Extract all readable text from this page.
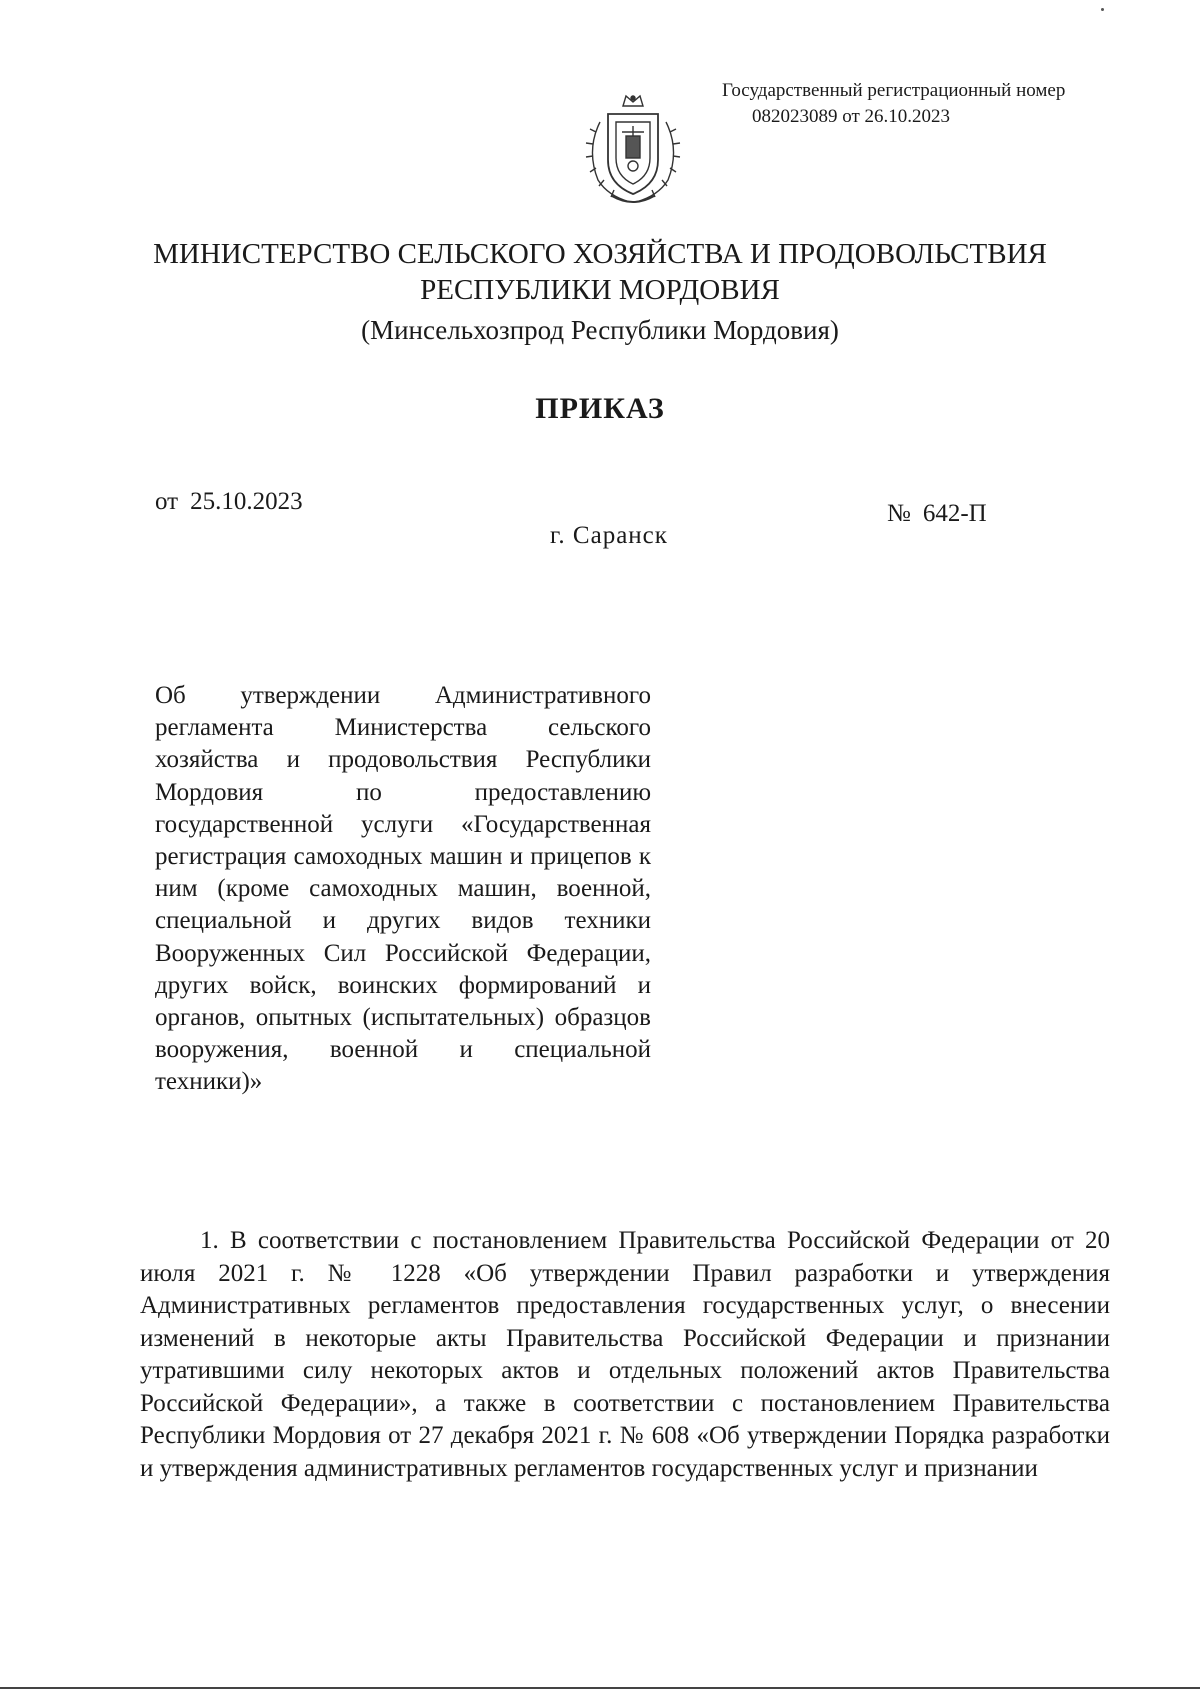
Государственный регистрационный номер
082023089 от 26.10.2023
МИНИСТЕРСТВО СЕЛЬСКОГО ХОЗЯЙСТВА И ПРОДОВОЛЬСТВИЯ
РЕСПУБЛИКИ МОРДОВИЯ
(Минсельхозпрод Республики Мордовия)
ПРИКАЗ
от 25.10.2023	№ 642-П
г. Саранск
Об утверждении Административного регламента Министерства сельского хозяйства и продовольствия Республики Мордовия по предоставлению государственной услуги «Государственная регистрация самоходных машин и прицепов к ним (кроме самоходных машин, военной, специальной и других видов техники Вооруженных Сил Российской Федерации, других войск, воинских формирований и органов, опытных (испытательных) образцов вооружения, военной и специальной техники)»
1. В соответствии с постановлением Правительства Российской Федерации от 20 июля 2021 г. № 1228 «Об утверждении Правил разработки и утверждения Административных регламентов предоставления государственных услуг, о внесении изменений в некоторые акты Правительства Российской Федерации и признании утратившими силу некоторых актов и отдельных положений актов Правительства Российской Федерации», а также в соответствии с постановлением Правительства Республики Мордовия от 27 декабря 2021 г. № 608 «Об утверждении Порядка разработки и утверждения административных регламентов государственных услуг и признании
